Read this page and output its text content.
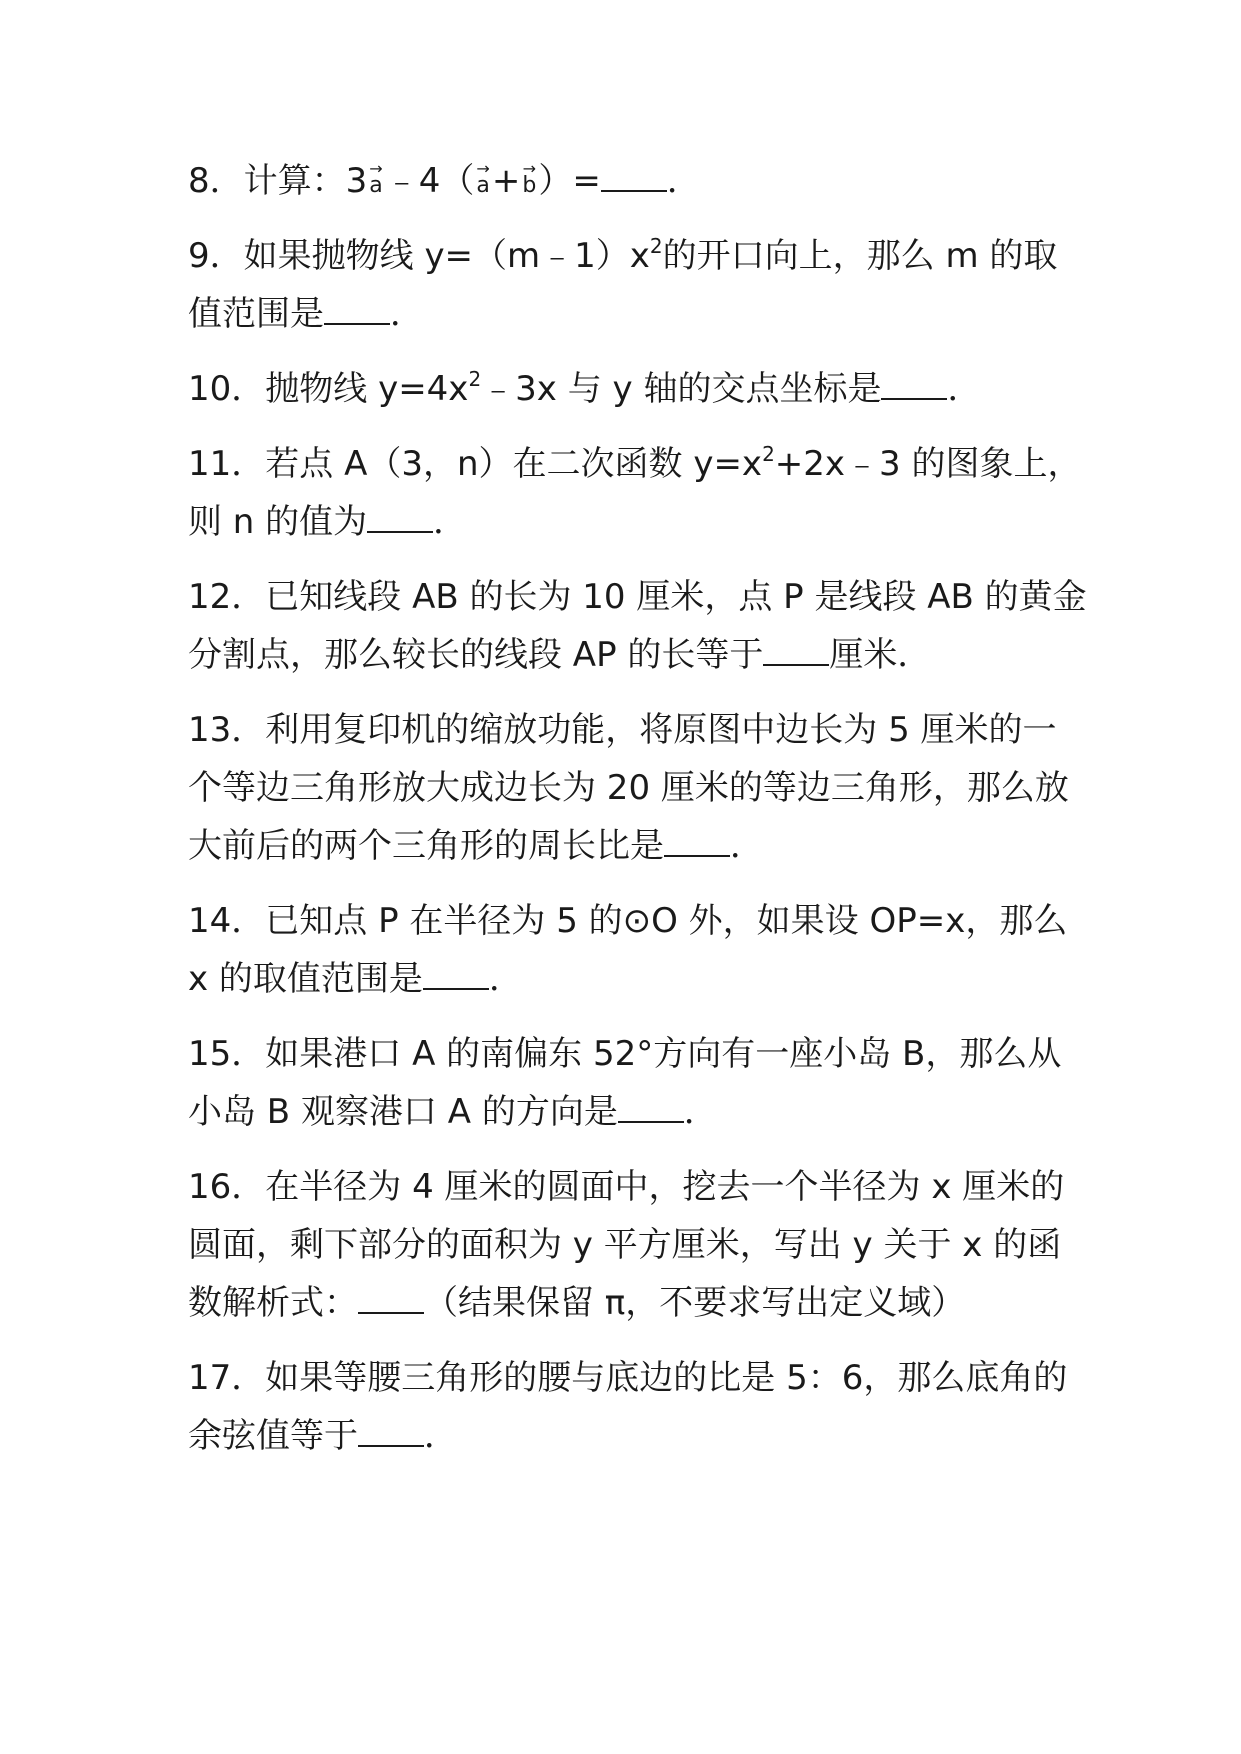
8．计算：3 →
a﹣4（ →
a+ →
b）= ．
9．如果抛物线 $y=(m﹣1)x^2$的开口向上，那么 m 的取
值范围是 ．
10．抛物线 $y=4x^2﹣3x$ 与 y 轴的交点坐标是 ．
11．若点 A（3，n）在二次函数 $y=x^2+2x﹣3$ 的图象上，
则 n 的值为 ．
12．已知线段 AB 的长为 10 厘米，点 P 是线段 AB 的黄金
分割点，那么较长的线段 AP 的长等于 厘米．
13．利用复印机的缩放功能，将原图中边长为 5 厘米的一
个等边三角形放大成边长为 20 厘米的等边三角形，那么放
大前后的两个三角形的周长比是 ．
14．已知点 P 在半径为 5 的⊙O 外，如果设 OP=x，那么
x 的取值范围是 ．
15．如果港口 A 的南偏东 52°方向有一座小岛 B，那么从
小岛 B 观察港口 A 的方向是 ．
16．在半径为 4 厘米的圆面中，挖去一个半径为 x 厘米的
圆面，剩下部分的面积为 y 平方厘米，写出 y 关于 x 的函
数解析式： （结果保留 π，不要求写出定义域）
17．如果等腰三角形的腰与底边的比是 5：6，那么底角的
余弦值等于 ．
